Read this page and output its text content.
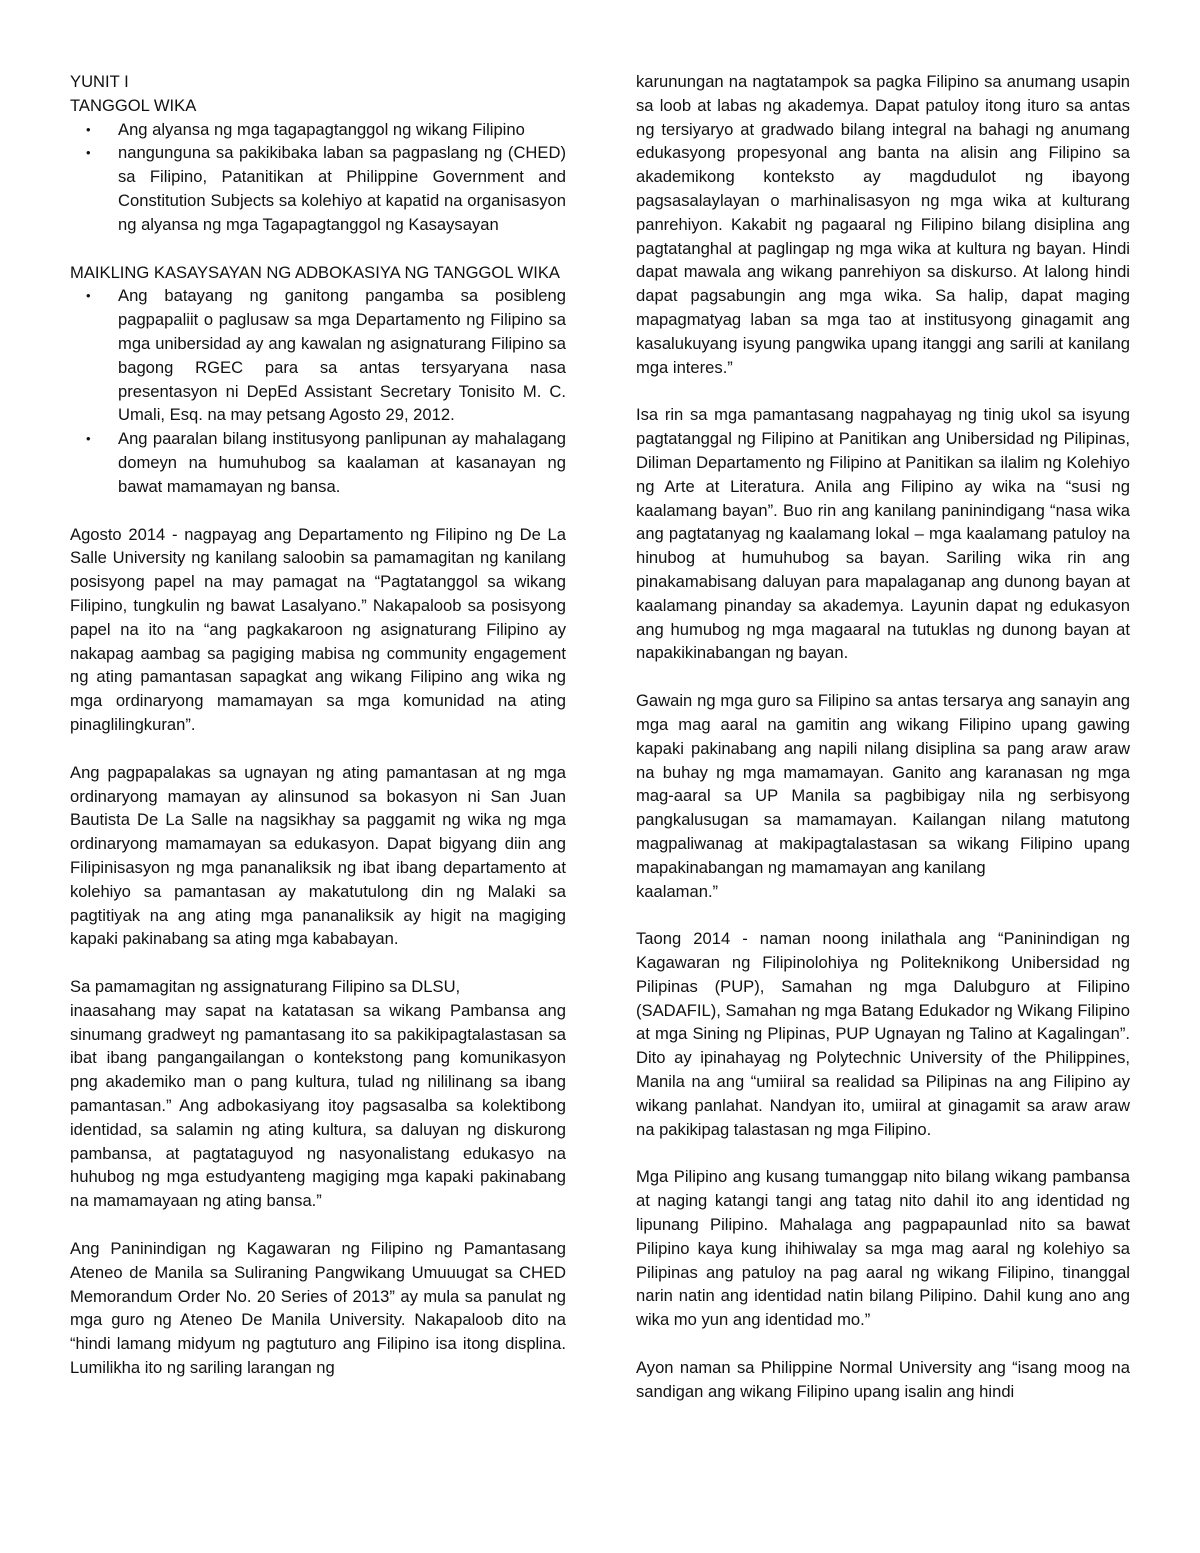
YUNIT I

TANGGOL WIKA

• Ang alyansa ng mga tagapagtanggol ng wikang Filipino
• nangunguna sa pakikibaka laban sa pagpaslang ng (CHED) sa Filipino, Patanitikan at Philippine Government and Constitution Subjects sa kolehiyo at kapatid na organisasyon ng alyansa ng mga Tagapagtanggol ng Kasaysayan

MAIKLING KASAYSAYAN NG ADBOKASIYA NG TANGGOL WIKA

• Ang batayang ng ganitong pangamba sa posibleng pagpapaliit o paglusaw sa mga Departamento ng Filipino sa mga unibersidad ay ang kawalan ng asignaturang Filipino sa bagong RGEC para sa antas tersyaryana nasa presentasyon ni DepEd Assistant Secretary Tonisito M. C. Umali, Esq. na may petsang Agosto 29, 2012.
• Ang paaralan bilang institusyong panlipunan ay mahalagang domeyn na humuhubog sa kaalaman at kasanayan ng bawat mamamayan ng bansa.

Agosto 2014 - nagpayag ang Departamento ng Filipino ng De La Salle University ng kanilang saloobin sa pamamagitan ng kanilang posisyong papel na may pamagat na “Pagtatanggol sa wikang Filipino, tungkulin ng bawat Lasalyano.” Nakapaloob sa posisyong papel na ito na “ang pagkakaroon ng asignaturang Filipino ay nakapag aambag sa pagiging mabisa ng community engagement ng ating pamantasan sapagkat ang wikang Filipino ang wika ng mga ordinaryong mamamayan sa mga komunidad na ating pinaglilingkuran”.

Ang pagpapalakas sa ugnayan ng ating pamantasan at ng mga ordinaryong mamayan ay alinsunod sa bokasyon ni San Juan Bautista De La Salle na nagsikhay sa paggamit ng wika ng mga ordinaryong mamamayan sa edukasyon. Dapat bigyang diin ang Filipinisasyon ng mga pananaliksik ng ibat ibang departamento at kolehiyo sa pamantasan ay makatutulong din ng Malaki sa pagtitiyak na ang ating mga pananaliksik ay higit na magiging kapaki pakinabang sa ating mga kababayan.

Sa pamamagitan ng assignaturang Filipino sa DLSU,

inaasahang may sapat na katatasan sa wikang Pambansa ang sinumang gradweyt ng pamantasang ito sa pakikipagtalastasan sa ibat ibang pangangailangan o kontekstong pang komunikasyon png akademiko man o pang kultura, tulad ng nililinang sa ibang pamantasan.” Ang adbokasiyang itoy pagsasalba sa kolektibong identidad, sa salamin ng ating kultura, sa daluyan ng diskurong pambansa, at pagtataguyod ng nasyonalistang edukasyo na huhubog ng mga estudyanteng magiging mga kapaki pakinabang na mamamayaan ng ating bansa.”

Ang Paninindigan ng Kagawaran ng Filipino ng Pamantasang Ateneo de Manila sa Suliraning Pangwikang Umuuugat sa CHED Memorandum Order No. 20 Series of 2013” ay mula sa panulat ng mga guro ng Ateneo De Manila University. Nakapaloob dito na “hindi lamang midyum ng pagtuturo ang Filipino isa itong displina. Lumilikha ito ng sariling larangan ng

karunungan na nagtatampok sa pagka Filipino sa anumang usapin sa loob at labas ng akademya. Dapat patuloy itong ituro sa antas ng tersiyaryo at gradwado bilang integral na bahagi ng anumang edukasyong propesyonal ang banta na alisin ang Filipino sa akademikong konteksto ay magdudulot ng ibayong pagsasalaylayan o marhinalisasyon ng mga wika at kulturang panrehiyon. Kakabit ng pagaaral ng Filipino bilang disiplina ang pagtatanghal at paglingap ng mga wika at kultura ng bayan. Hindi dapat mawala ang wikang panrehiyon sa diskurso. At lalong hindi dapat pagsabungin ang mga wika. Sa halip, dapat maging mapagmatyag laban sa mga tao at institusyong ginagamit ang kasalukuyang isyung pangwika upang itanggi ang sarili at kanilang mga interes.”

Isa rin sa mga pamantasang nagpahayag ng tinig ukol sa isyung pagtatanggal ng Filipino at Panitikan ang Unibersidad ng Pilipinas, Diliman Departamento ng Filipino at Panitikan sa ilalim ng Kolehiyo ng Arte at Literatura. Anila ang Filipino ay wika na “susi ng kaalamang bayan”. Buo rin ang kanilang paninindigang “nasa wika ang pagtatanyag ng kaalamang lokal – mga kaalamang patuloy na hinubog at humuhubog sa bayan. Sariling wika rin ang pinakamabisang daluyan para mapalaganap ang dunong bayan at kaalamang pinanday sa akademya. Layunin dapat ng edukasyon ang humubog ng mga magaaral na tutuklas ng dunong bayan at napakikinabangan ng bayan.

Gawain ng mga guro sa Filipino sa antas tersarya ang sanayin ang mga mag aaral na gamitin ang wikang Filipino upang gawing kapaki pakinabang ang napili nilang disiplina sa pang araw araw na buhay ng mga mamamayan. Ganito ang karanasan ng mga mag-aaral sa UP Manila sa pagbibigay nila ng serbisyong pangkalusugan sa mamamayan. Kailangan nilang matutong magpaliwanag at makipagtalastasan sa wikang Filipino upang mapakinabangan ng mamamayan ang kanilang

kaalaman.”

Taong 2014 - naman noong inilathala ang “Paninindigan ng Kagawaran ng Filipinolohiya ng Politeknikong Unibersidad ng Pilipinas (PUP), Samahan ng mga Dalubguro at Filipino (SADAFIL), Samahan ng mga Batang Edukador ng Wikang Filipino at mga Sining ng Plipinas, PUP Ugnayan ng Talino at Kagalingan”. Dito ay ipinahayag ng Polytechnic University of the Philippines, Manila na ang “umiiral sa realidad sa Pilipinas na ang Filipino ay wikang panlahat. Nandyan ito, umiiral at ginagamit sa araw araw na pakikipag talastasan ng mga Filipino.

Mga Pilipino ang kusang tumanggap nito bilang wikang pambansa at naging katangi tangi ang tatag nito dahil ito ang identidad ng lipunang Pilipino. Mahalaga ang pagpapaunlad nito sa bawat Pilipino kaya kung ihihiwalay sa mga mag aaral ng kolehiyo sa Pilipinas ang patuloy na pag aaral ng wikang Filipino, tinanggal narin natin ang identidad natin bilang Pilipino. Dahil kung ano ang wika mo yun ang identidad mo.”

Ayon naman sa Philippine Normal University ang “isang moog na sandigan ang wikang Filipino upang isalin ang hindi
